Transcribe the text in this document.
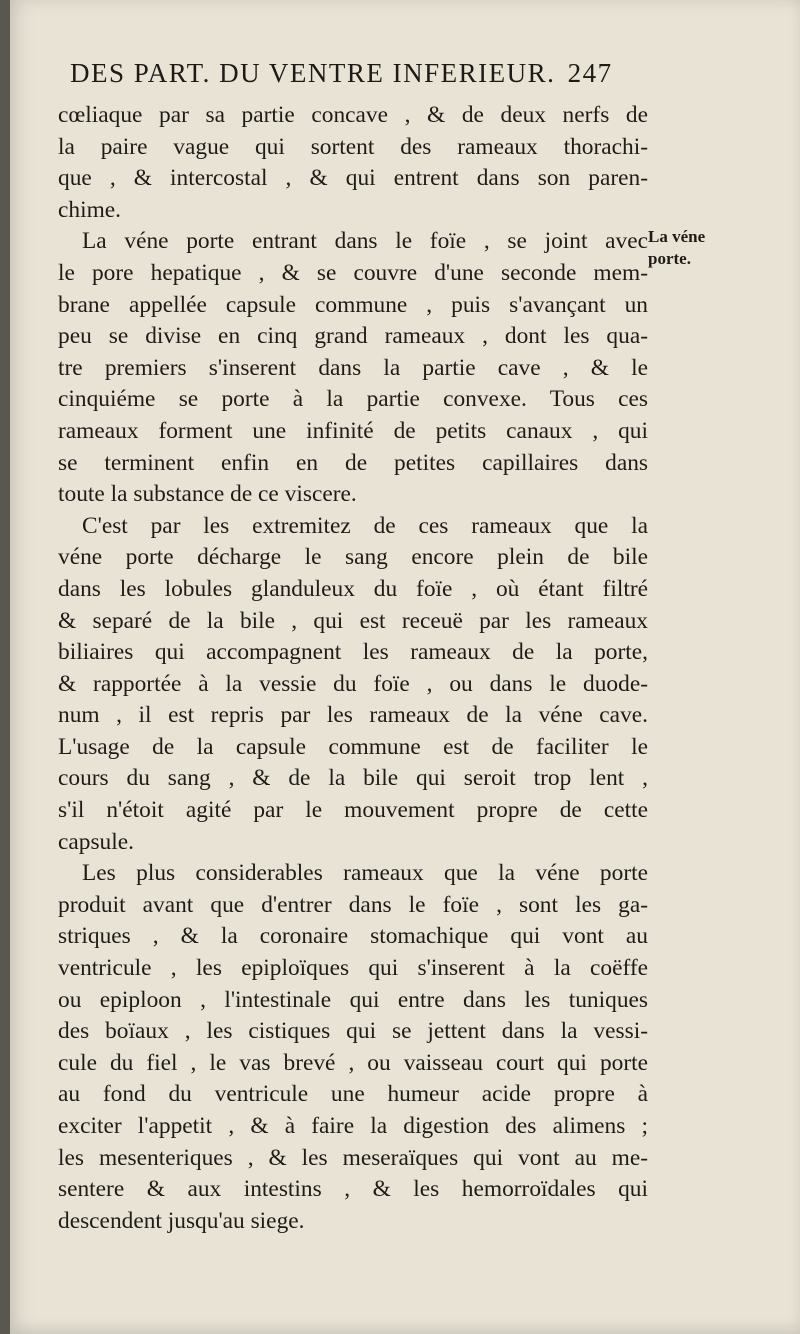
DES PART. DU VENTRE INFERIEUR. 247
La véne
porte.
cœliaque par sa partie concave , & de deux nerfs de
la paire vague qui sortent des rameaux thorachi-
que , & intercostal , & qui entrent dans son paren-
chime.
La véne porte entrant dans le foïe , se joint avec
le pore hepatique , & se couvre d'une seconde mem-
brane appellée capsule commune , puis s'avançant un
peu se divise en cinq grand rameaux , dont les qua-
tre premiers s'inserent dans la partie cave , & le
cinquiéme se porte à la partie convexe. Tous ces
rameaux forment une infinité de petits canaux , qui
se terminent enfin en de petites capillaires dans
toute la substance de ce viscere.
C'est par les extremitez de ces rameaux que la
véne porte décharge le sang encore plein de bile
dans les lobules glanduleux du foïe , où étant filtré
& separé de la bile , qui est receuë par les rameaux
biliaires qui accompagnent les rameaux de la porte,
& rapportée à la vessie du foïe , ou dans le duode-
num , il est repris par les rameaux de la véne cave.
L'usage de la capsule commune est de faciliter le
cours du sang , & de la bile qui seroit trop lent ,
s'il n'étoit agité par le mouvement propre de cette
capsule.
Les plus considerables rameaux que la véne porte
produit avant que d'entrer dans le foïe , sont les ga-
striques , & la coronaire stomachique qui vont au
ventricule , les epiploïques qui s'inserent à la coëffe
ou epiploon , l'intestinale qui entre dans les tuniques
des boïaux , les cistiques qui se jettent dans la vessi-
cule du fiel , le vas brevé , ou vaisseau court qui porte
au fond du ventricule une humeur acide propre à
exciter l'appetit , & à faire la digestion des alimens ;
les mesenteriques , & les meseraïques qui vont au me-
sentere & aux intestins , & les hemorroïdales qui
descendent jusqu'au siege.
